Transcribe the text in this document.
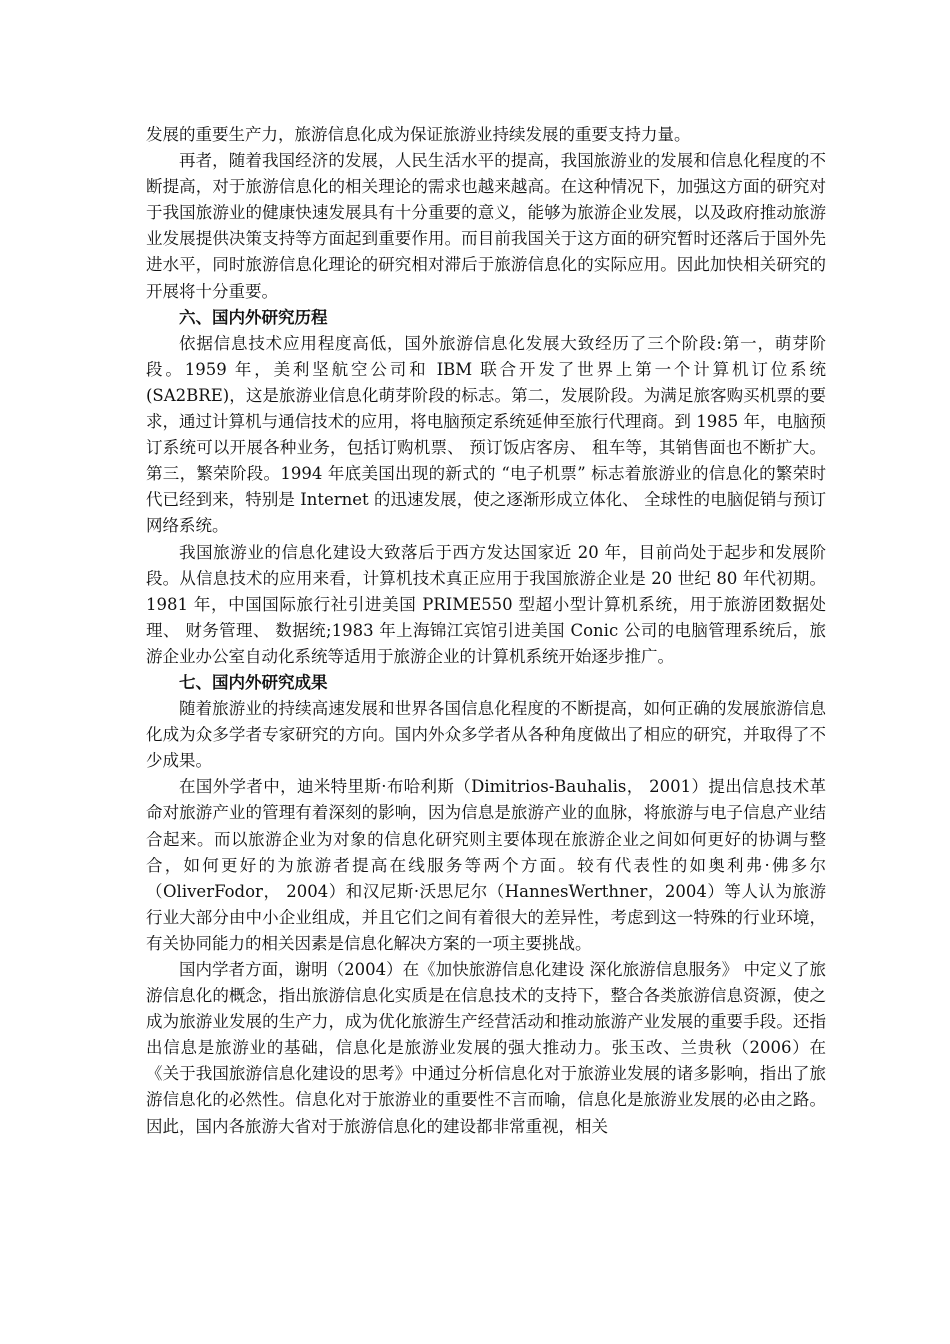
发展的重要生产力，旅游信息化成为保证旅游业持续发展的重要支持力量。

再者，随着我国经济的发展，人民生活水平的提高，我国旅游业的发展和信息化程度的不断提高，对于旅游信息化的相关理论的需求也越来越高。在这种情况下，加强这方面的研究对于我国旅游业的健康快速发展具有十分重要的意义，能够为旅游企业发展，以及政府推动旅游业发展提供决策支持等方面起到重要作用。而目前我国关于这方面的研究暂时还落后于国外先进水平，同时旅游信息化理论的研究相对滞后于旅游信息化的实际应用。因此加快相关研究的开展将十分重要。

六、国内外研究历程

依据信息技术应用程度高低，国外旅游信息化发展大致经历了三个阶段:第一，萌芽阶段。1959 年，美利坚航空公司和 IBM 联合开发了世界上第一个计算机订位系统(SA2BRE)，这是旅游业信息化萌芽阶段的标志。第二，发展阶段。为满足旅客购买机票的要求，通过计算机与通信技术的应用，将电脑预定系统延伸至旅行代理商。到 1985 年，电脑预订系统可以开展各种业务，包括订购机票、 预订饭店客房、 租车等，其销售面也不断扩大。第三，繁荣阶段。1994 年底美国出现的新式的 “电子机票” 标志着旅游业的信息化的繁荣时代已经到来，特别是 Internet 的迅速发展，使之逐渐形成立体化、 全球性的电脑促销与预订网络系统。

我国旅游业的信息化建设大致落后于西方发达国家近 20 年，目前尚处于起步和发展阶段。从信息技术的应用来看，计算机技术真正应用于我国旅游企业是 20 世纪 80 年代初期。1981 年，中国国际旅行社引进美国 PRIME550 型超小型计算机系统，用于旅游团数据处理、 财务管理、 数据统;1983 年上海锦江宾馆引进美国 Conic 公司的电脑管理系统后，旅游企业办公室自动化系统等适用于旅游企业的计算机系统开始逐步推广。

七、国内外研究成果

随着旅游业的持续高速发展和世界各国信息化程度的不断提高，如何正确的发展旅游信息化成为众多学者专家研究的方向。国内外众多学者从各种角度做出了相应的研究，并取得了不少成果。

在国外学者中，迪米特里斯·布哈利斯（Dimitrios-Bauhalis， 2001）提出信息技术革命对旅游产业的管理有着深刻的影响，因为信息是旅游产业的血脉，将旅游与电子信息产业结合起来。而以旅游企业为对象的信息化研究则主要体现在旅游企业之间如何更好的协调与整合，如何更好的为旅游者提高在线服务等两个方面。较有代表性的如奥利弗·佛多尔（OliverFodor， 2004）和汉尼斯·沃思尼尔（HannesWerthner，2004）等人认为旅游行业大部分由中小企业组成，并且它们之间有着很大的差异性，考虑到这一特殊的行业环境，有关协同能力的相关因素是信息化解决方案的一项主要挑战。

国内学者方面，谢明（2004）在《加快旅游信息化建设 深化旅游信息服务》 中定义了旅游信息化的概念，指出旅游信息化实质是在信息技术的支持下，整合各类旅游信息资源，使之成为旅游业发展的生产力，成为优化旅游生产经营活动和推动旅游产业发展的重要手段。还指出信息是旅游业的基础，信息化是旅游业发展的强大推动力。张玉改、兰贵秋（2006）在《关于我国旅游信息化建设的思考》中通过分析信息化对于旅游业发展的诸多影响，指出了旅游信息化的必然性。信息化对于旅游业的重要性不言而喻，信息化是旅游业发展的必由之路。因此，国内各旅游大省对于旅游信息化的建设都非常重视，相关
